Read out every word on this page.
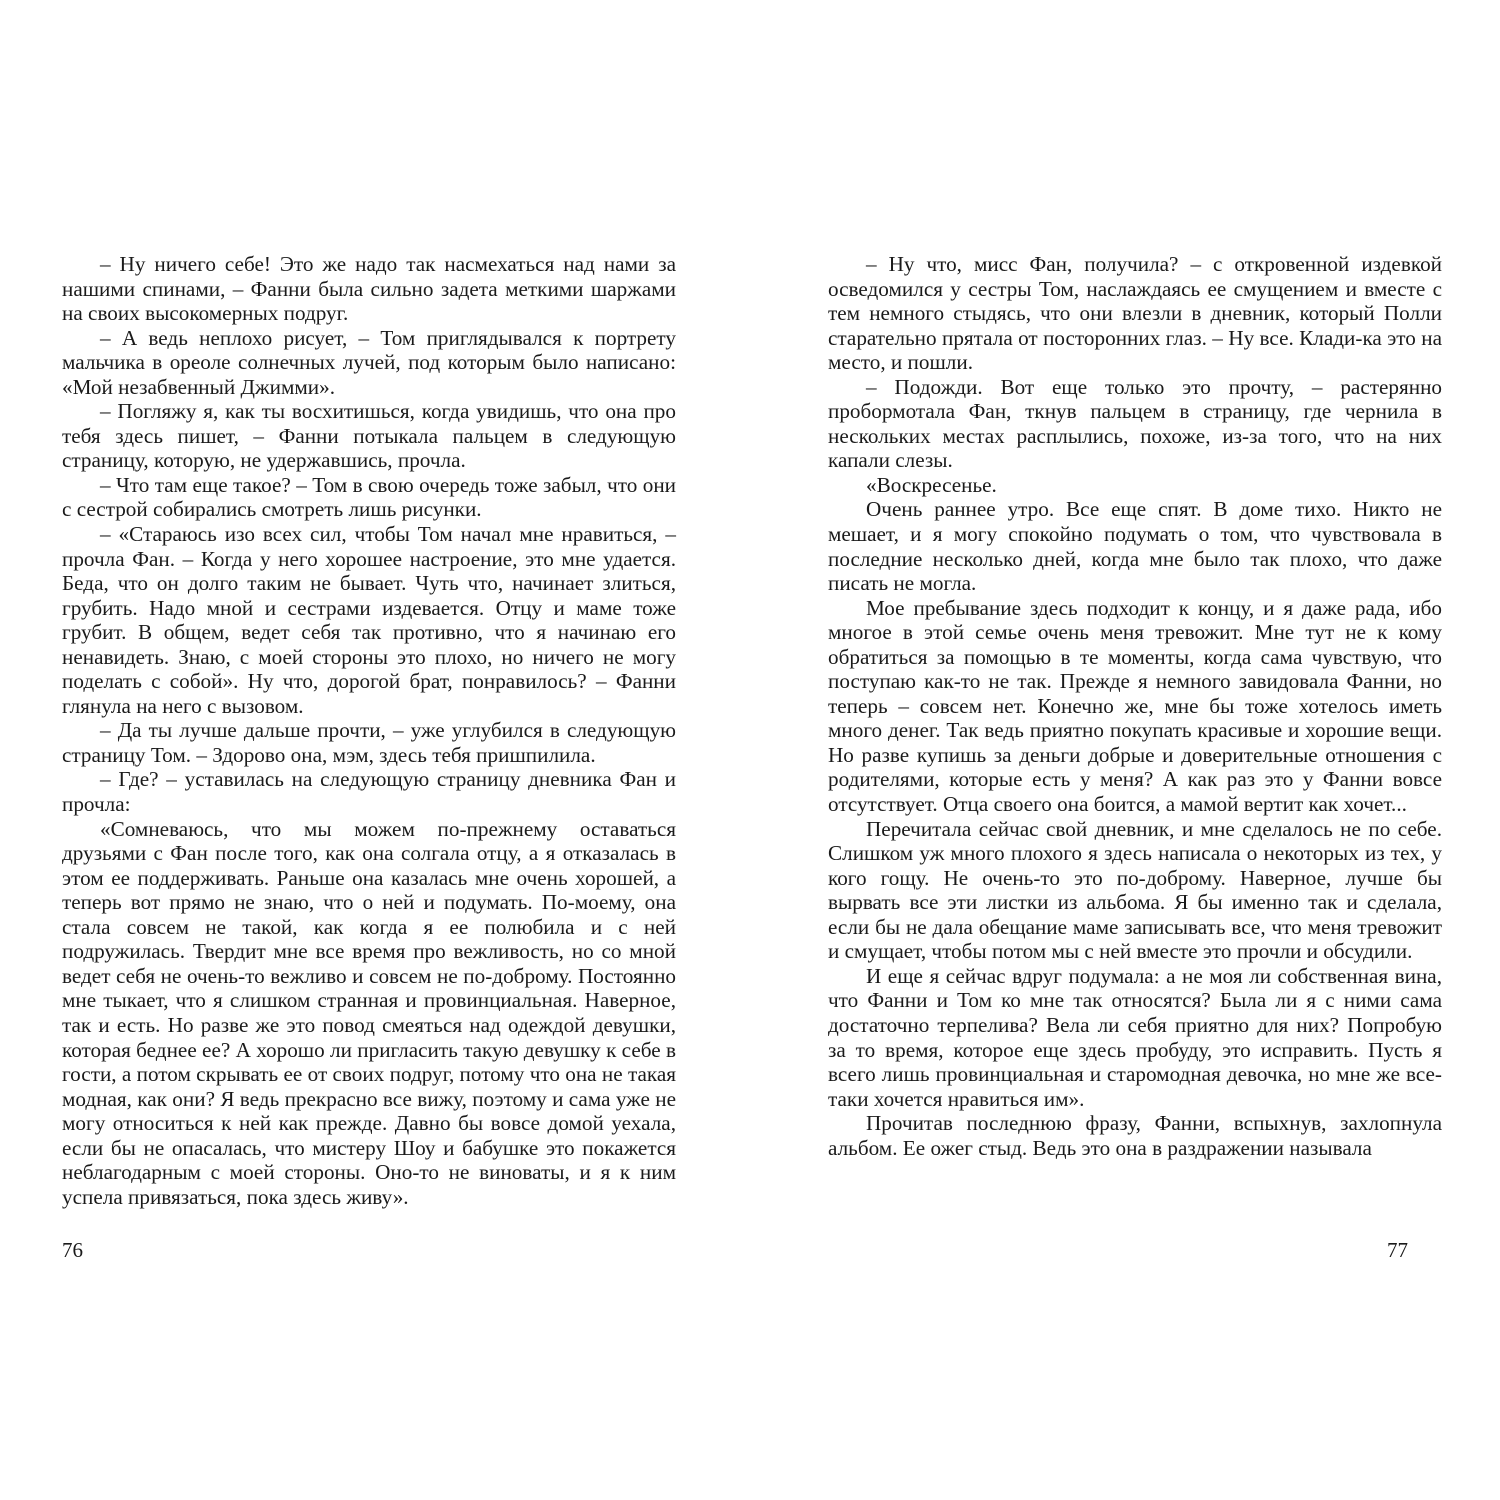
– Ну ничего себе! Это же надо так насмехаться над нами за нашими спинами, – Фанни была сильно задета меткими шаржами на своих высокомерных подруг.

– А ведь неплохо рисует, – Том приглядывался к портрету мальчика в ореоле солнечных лучей, под которым было написано: «Мой незабвенный Джимми».

– Погляжу я, как ты восхитишься, когда увидишь, что она про тебя здесь пишет, – Фанни потыкала пальцем в следующую страницу, которую, не удержавшись, прочла.

– Что там еще такое? – Том в свою очередь тоже забыл, что они с сестрой собирались смотреть лишь рисунки.

– «Стараюсь изо всех сил, чтобы Том начал мне нравиться, – прочла Фан. – Когда у него хорошее настроение, это мне удается. Беда, что он долго таким не бывает. Чуть что, начинает злиться, грубить. Надо мной и сестрами издевается. Отцу и маме тоже грубит. В общем, ведет себя так противно, что я начинаю его ненавидеть. Знаю, с моей стороны это плохо, но ничего не могу поделать с собой». Ну что, дорогой брат, понравилось? – Фанни глянула на него с вызовом.

– Да ты лучше дальше прочти, – уже углубился в следующую страницу Том. – Здорово она, мэм, здесь тебя пришпилила.

– Где? – уставилась на следующую страницу дневника Фан и прочла:

«Сомневаюсь, что мы можем по-прежнему оставаться друзьями с Фан после того, как она солгала отцу, а я отказалась в этом ее поддерживать. Раньше она казалась мне очень хорошей, а теперь вот прямо не знаю, что о ней и подумать. По-моему, она стала совсем не такой, как когда я ее полюбила и с ней подружилась. Твердит мне все время про вежливость, но со мной ведет себя не очень-то вежливо и совсем не по-доброму. Постоянно мне тыкает, что я слишком странная и провинциальная. Наверное, так и есть. Но разве же это повод смеяться над одеждой девушки, которая беднее ее? А хорошо ли пригласить такую девушку к себе в гости, а потом скрывать ее от своих подруг, потому что она не такая модная, как они? Я ведь прекрасно все вижу, поэтому и сама уже не могу относиться к ней как прежде. Давно бы вовсе домой уехала, если бы не опасалась, что мистеру Шоу и бабушке это покажется неблагодарным с моей стороны. Оно-то не виноваты, и я к ним успела привязаться, пока здесь живу».

– Ну что, мисс Фан, получила? – с откровенной издевкой осведомился у сестры Том, наслаждаясь ее смущением и вместе с тем немного стыдясь, что они влезли в дневник, который Полли старательно прятала от посторонних глаз. – Ну все. Клади-ка это на место, и пошли.

– Подожди. Вот еще только это прочту, – растерянно пробормотала Фан, ткнув пальцем в страницу, где чернила в нескольких местах расплылись, похоже, из-за того, что на них капали слезы.

«Воскресенье.

Очень раннее утро. Все еще спят. В доме тихо. Никто не мешает, и я могу спокойно подумать о том, что чувствовала в последние несколько дней, когда мне было так плохо, что даже писать не могла.

Мое пребывание здесь подходит к концу, и я даже рада, ибо многое в этой семье очень меня тревожит. Мне тут не к кому обратиться за помощью в те моменты, когда сама чувствую, что поступаю как-то не так. Прежде я немного завидовала Фанни, но теперь – совсем нет. Конечно же, мне бы тоже хотелось иметь много денег. Так ведь приятно покупать красивые и хорошие вещи. Но разве купишь за деньги добрые и доверительные отношения с родителями, которые есть у меня? А как раз это у Фанни вовсе отсутствует. Отца своего она боится, а мамой вертит как хочет...

Перечитала сейчас свой дневник, и мне сделалось не по себе. Слишком уж много плохого я здесь написала о некоторых из тех, у кого гощу. Не очень-то это по-доброму. Наверное, лучше бы вырвать все эти листки из альбома. Я бы именно так и сделала, если бы не дала обещание маме записывать все, что меня тревожит и смущает, чтобы потом мы с ней вместе это прочли и обсудили.

И еще я сейчас вдруг подумала: а не моя ли собственная вина, что Фанни и Том ко мне так относятся? Была ли я с ними сама достаточно терпелива? Вела ли себя приятно для них? Попробую за то время, которое еще здесь пробуду, это исправить. Пусть я всего лишь провинциальная и старомодная девочка, но мне же все-таки хочется нравиться им».

Прочитав последнюю фразу, Фанни, вспыхнув, захлопнула альбом. Ее ожег стыд. Ведь это она в раздражении называла

76	77
